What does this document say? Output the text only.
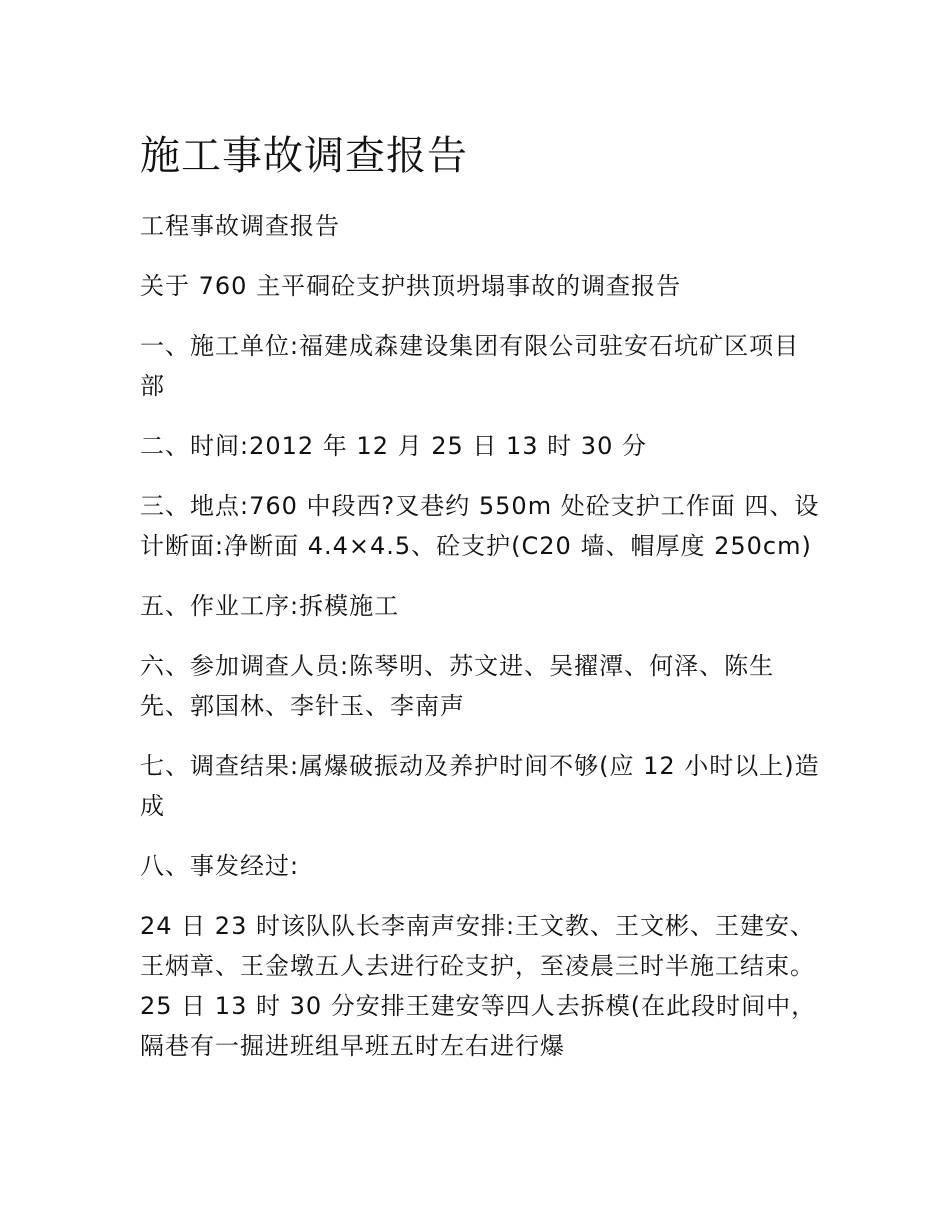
施工事故调查报告

工程事故调查报告

关于 760 主平硐砼支护拱顶坍塌事故的调查报告

一、施工单位:福建成森建设集团有限公司驻安石坑矿区项目部

二、时间:2012 年 12 月 25 日 13 时 30 分

三、地点:760 中段西?叉巷约 550m 处砼支护工作面 四、设计断面:净断面 4.4×4.5、砼支护(C20 墙、帽厚度 250cm)

五、作业工序:拆模施工

六、参加调查人员:陈琴明、苏文进、吴擢潭、何泽、陈生先、郭国林、李针玉、李南声

七、调查结果:属爆破振动及养护时间不够(应 12 小时以上)造成

八、事发经过:

24 日 23 时该队队长李南声安排:王文教、王文彬、王建安、王炳章、王金墩五人去进行砼支护，至凌晨三时半施工结束。25 日 13 时 30 分安排王建安等四人去拆模(在此段时间中，隔巷有一掘进班组早班五时左右进行爆
